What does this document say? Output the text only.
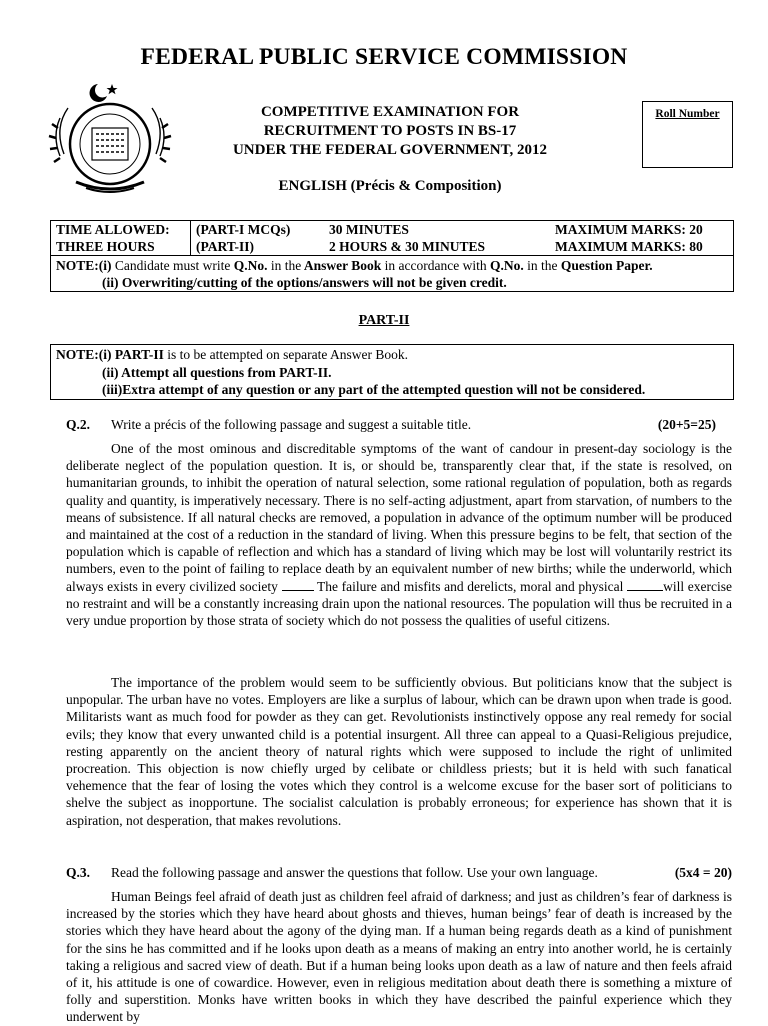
FEDERAL PUBLIC SERVICE COMMISSION
COMPETITIVE EXAMINATION FOR
RECRUITMENT TO POSTS IN BS-17
UNDER THE FEDERAL GOVERNMENT, 2012
ENGLISH (Précis & Composition)
Roll Number
TIME ALLOWED:	(PART-I MCQs)	30 MINUTES	MAXIMUM MARKS: 20
THREE HOURS	(PART-II)	2 HOURS & 30 MINUTES	MAXIMUM MARKS: 80

NOTE:(i) Candidate must write Q.No. in the Answer Book in accordance with Q.No. in the Question Paper.
(ii) Overwriting/cutting of the options/answers will not be given credit.			
PART-II
NOTE:(i) PART-II is to be attempted on separate Answer Book.
(ii) Attempt all questions from PART-II.
(iii)Extra attempt of any question or any part of the attempted question will not be considered.
Q.2. Write a précis of the following passage and suggest a suitable title.	(20+5=25)

One of the most ominous and discreditable symptoms of the want of candour in present-day sociology is the deliberate neglect of the population question. It is, or should be, transparently clear that, if the state is resolved, on humanitarian grounds, to inhibit the operation of natural selection, some rational regulation of population, both as regards quality and quantity, is imperatively necessary. There is no self-acting adjustment, apart from starvation, of numbers to the means of subsistence. If all natural checks are removed, a population in advance of the optimum number will be produced and maintained at the cost of a reduction in the standard of living. When this pressure begins to be felt, that section of the population which is capable of reflection and which has a standard of living which may be lost will voluntarily restrict its numbers, even to the point of failing to replace death by an equivalent number of new births; while the underworld, which always exists in every civilized society	The failure and misfits and derelicts, moral and physical	will exercise no restraint and will be a constantly increasing drain upon the national resources. The population will thus be recruited in a very undue proportion by those strata of society which do not possess the qualities of useful citizens.

The importance of the problem would seem to be sufficiently obvious. But politicians know that the subject is unpopular. The urban have no votes. Employers are like a surplus of labour, which can be drawn upon when trade is good. Militarists want as much food for powder as they can get. Revolutionists instinctively oppose any real remedy for social evils; they know that every unwanted child is a potential insurgent. All three can appeal to a Quasi-Religious prejudice, resting apparently on the ancient theory of natural rights which were supposed to include the right of unlimited procreation. This objection is now chiefly urged by celibate or childless priests; but it is held with such fanatical vehemence that the fear of losing the votes which they control is a welcome excuse for the baser sort of politicians to shelve the subject as inopportune. The socialist calculation is probably erroneous; for experience has shown that it is aspiration, not desperation, that makes revolutions.

Q.3. Read the following passage and answer the questions that follow. Use your own language.	(5x4 = 20)

Human Beings feel afraid of death just as children feel afraid of darkness; and just as children’s fear of darkness is increased by the stories which they have heard about ghosts and thieves, human beings’ fear of death is increased by the stories which they have heard about the agony of the dying man. If a human being regards death as a kind of punishment for the sins he has committed and if he looks upon death as a means of making an entry into another world, he is certainly taking a religious and sacred view of death. But if a human being looks upon death as a law of nature and then feels afraid of it, his attitude is one of cowardice. However, even in religious meditation about death there is something a mixture of folly and superstition. Monks have written books in which they have described the painful experience which they underwent by
